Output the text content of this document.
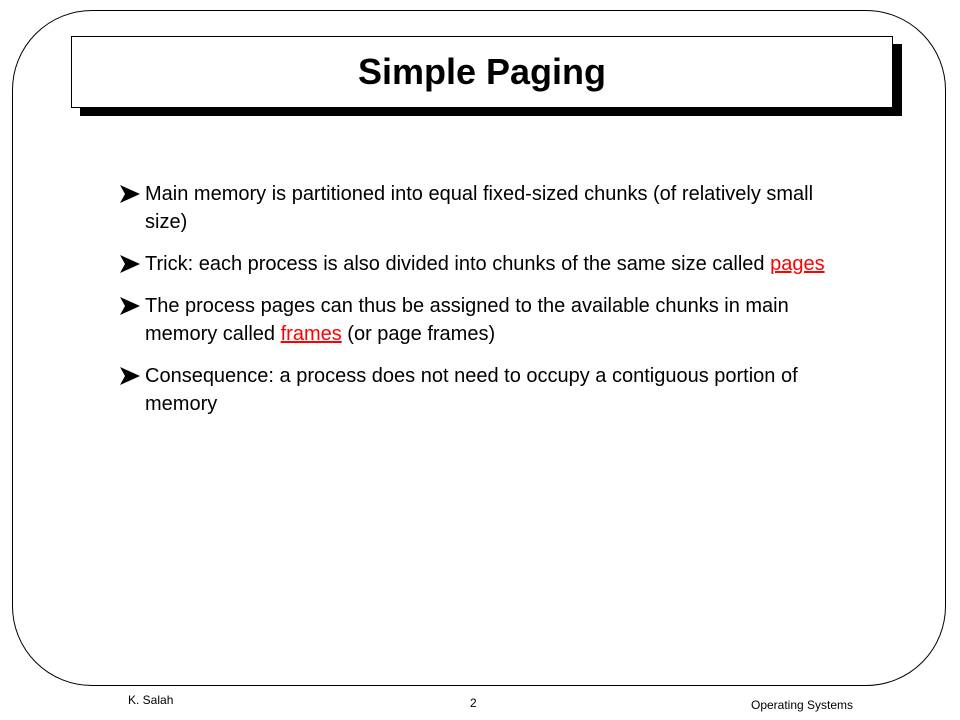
Simple Paging
Main memory is partitioned into equal fixed-sized chunks (of relatively small size)
Trick: each process is also divided into chunks of the same size called pages
The process pages can thus be assigned to the available chunks in main memory called frames (or page frames)
Consequence: a process does not need to occupy a contiguous portion of memory
K. Salah	2	Operating Systems
